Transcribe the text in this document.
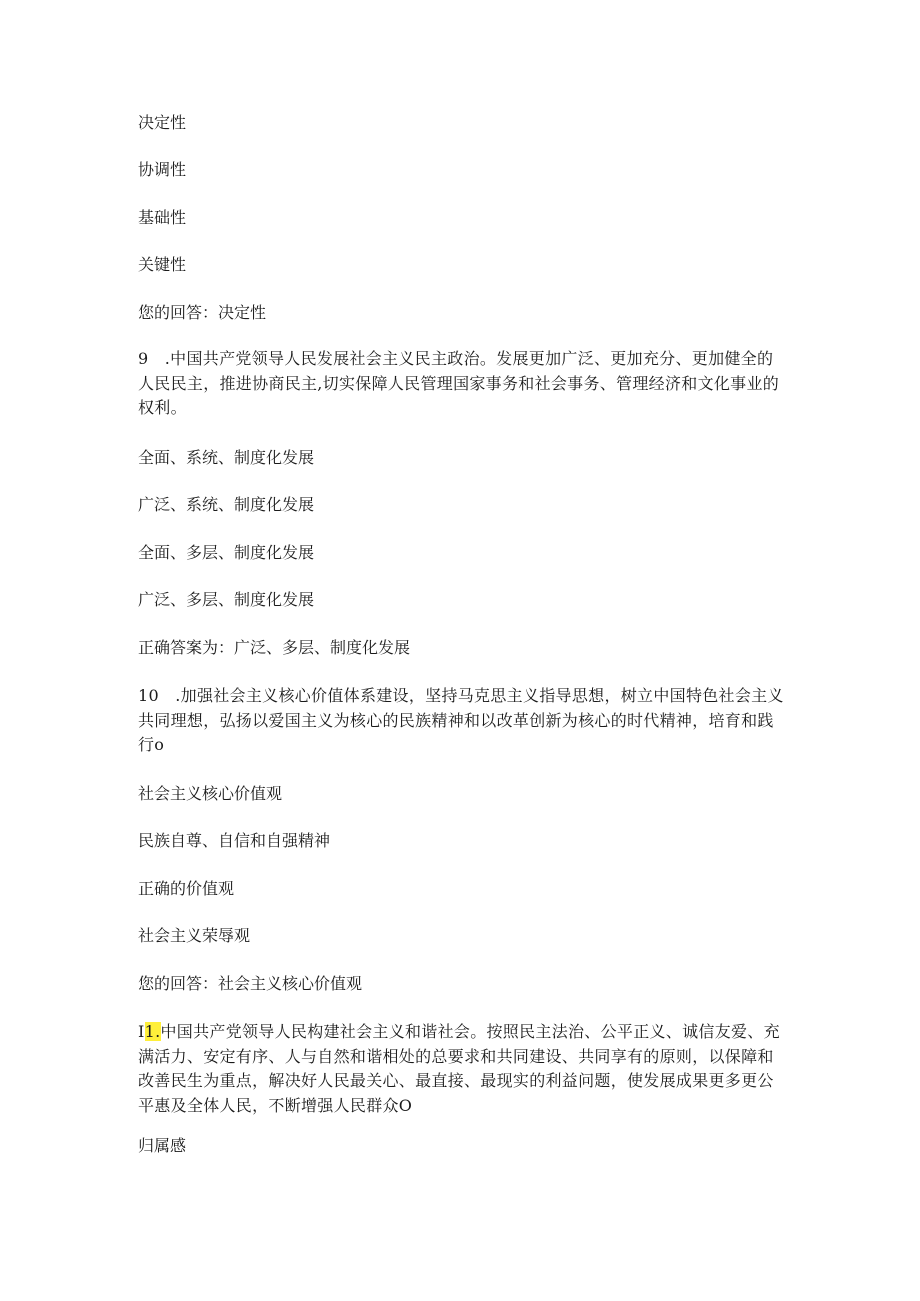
决定性
协调性
基础性
关键性
您的回答：决定性
9　.中国共产党领导人民发展社会主义民主政治。发展更加广泛、更加充分、更加健全的人民民主，推进协商民主,切实保障人民管理国家事务和社会事务、管理经济和文化事业的权利。
全面、系统、制度化发展
广泛、系统、制度化发展
全面、多层、制度化发展
广泛、多层、制度化发展
正确答案为：广泛、多层、制度化发展
10　.加强社会主义核心价值体系建设，坚持马克思主义指导思想，树立中国特色社会主义共同理想，弘扬以爱国主义为核心的民族精神和以改革创新为核心的时代精神，培育和践行o
社会主义核心价值观
民族自尊、自信和自强精神
正确的价值观
社会主义荣辱观
您的回答：社会主义核心价值观
I1.中国共产党领导人民构建社会主义和谐社会。按照民主法治、公平正义、诚信友爱、充满活力、安定有序、人与自然和谐相处的总要求和共同建设、共同享有的原则，以保障和改善民生为重点，解决好人民最关心、最直接、最现实的利益问题，使发展成果更多更公平惠及全体人民，不断增强人民群众O
归属感
